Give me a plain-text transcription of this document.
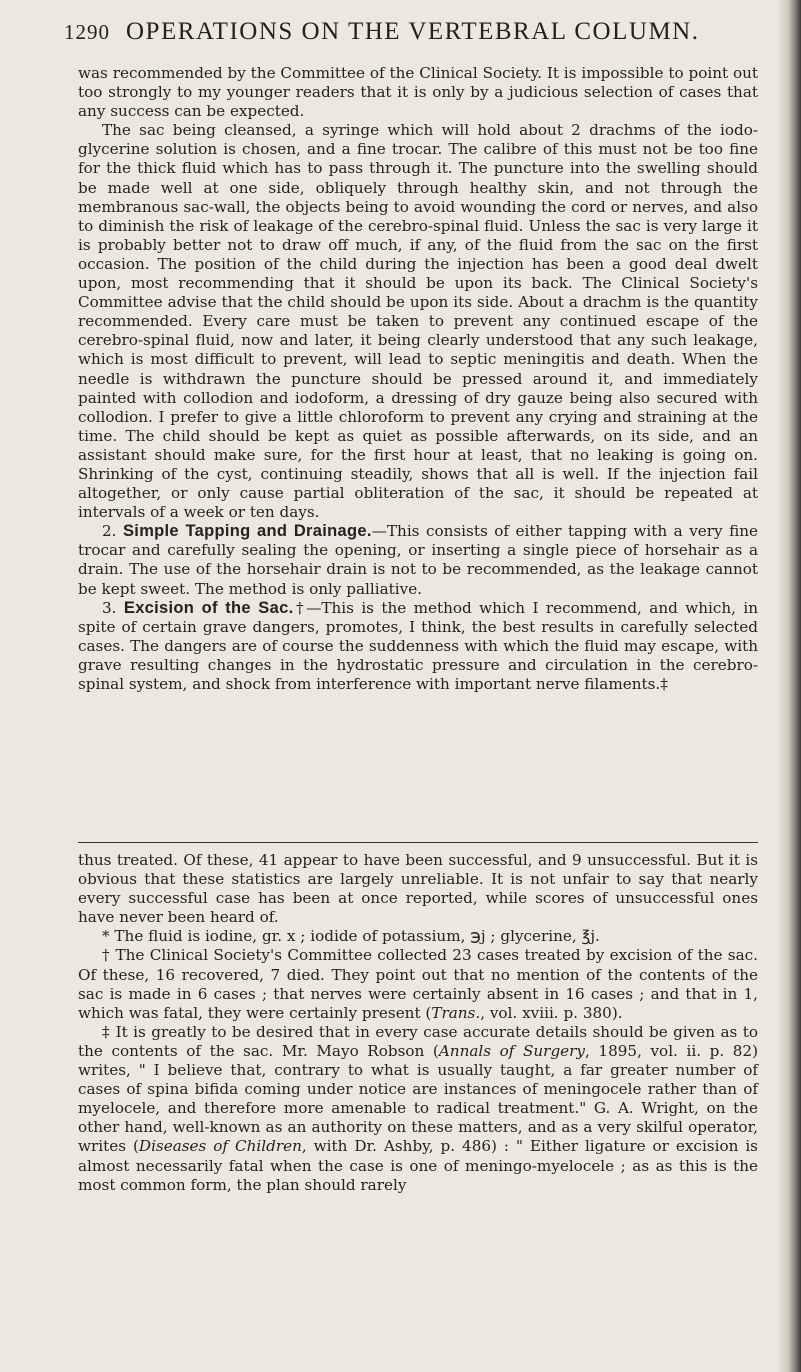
1290 OPERATIONS ON THE VERTEBRAL COLUMN.

was recommended by the Committee of the Clinical Society. It is impossible to point out too strongly to my younger readers that it is only by a judicious selection of cases that any success can be expected.

The sac being cleansed, a syringe which will hold about 2 drachms of the iodo-glycerine solution is chosen, and a fine trocar. The calibre of this must not be too fine for the thick fluid which has to pass through it. The puncture into the swelling should be made well at one side, obliquely through healthy skin, and not through the membranous sac-wall, the objects being to avoid wounding the cord or nerves, and also to diminish the risk of leakage of the cerebro-spinal fluid. Unless the sac is very large it is probably better not to draw off much, if any, of the fluid from the sac on the first occasion. The position of the child during the injection has been a good deal dwelt upon, most recommending that it should be upon its back. The Clinical Society's Committee advise that the child should be upon its side. About a drachm is the quantity recommended. Every care must be taken to prevent any continued escape of the cerebro-spinal fluid, now and later, it being clearly understood that any such leakage, which is most difficult to prevent, will lead to septic meningitis and death. When the needle is withdrawn the puncture should be pressed around it, and immediately painted with collodion and iodoform, a dressing of dry gauze being also secured with collodion. I prefer to give a little chloroform to prevent any crying and straining at the time. The child should be kept as quiet as possible afterwards, on its side, and an assistant should make sure, for the first hour at least, that no leaking is going on. Shrinking of the cyst, continuing steadily, shows that all is well. If the injection fail altogether, or only cause partial obliteration of the sac, it should be repeated at intervals of a week or ten days.

2. Simple Tapping and Drainage.—This consists of either tapping with a very fine trocar and carefully sealing the opening, or inserting a single piece of horsehair as a drain. The use of the horsehair drain is not to be recommended, as the leakage cannot be kept sweet. The method is only palliative.

3. Excision of the Sac.†—This is the method which I recommend, and which, in spite of certain grave dangers, promotes, I think, the best results in carefully selected cases. The dangers are of course the suddenness with which the fluid may escape, with grave resulting changes in the hydrostatic pressure and circulation in the cerebro-spinal system, and shock from interference with important nerve filaments.‡

thus treated. Of these, 41 appear to have been successful, and 9 unsuccessful. But it is obvious that these statistics are largely unreliable. It is not unfair to say that nearly every successful case has been at once reported, while scores of unsuccessful ones have never been heard of.

* The fluid is iodine, gr. x ; iodide of potassium, ℈j ; glycerine, ℥j.

† The Clinical Society's Committee collected 23 cases treated by excision of the sac. Of these, 16 recovered, 7 died. They point out that no mention of the contents of the sac is made in 6 cases ; that nerves were certainly absent in 16 cases ; and that in 1, which was fatal, they were certainly present (Trans., vol. xviii. p. 380).

‡ It is greatly to be desired that in every case accurate details should be given as to the contents of the sac. Mr. Mayo Robson (Annals of Surgery, 1895, vol. ii. p. 82) writes, " I believe that, contrary to what is usually taught, a far greater number of cases of spina bifida coming under notice are instances of meningocele rather than of myelocele, and therefore more amenable to radical treatment." G. A. Wright, on the other hand, well-known as an authority on these matters, and as a very skilful operator, writes (Diseases of Children, with Dr. Ashby, p. 486) : " Either ligature or excision is almost necessarily fatal when the case is one of meningo-myelocele ; as as this is the most common form, the plan should rarely
